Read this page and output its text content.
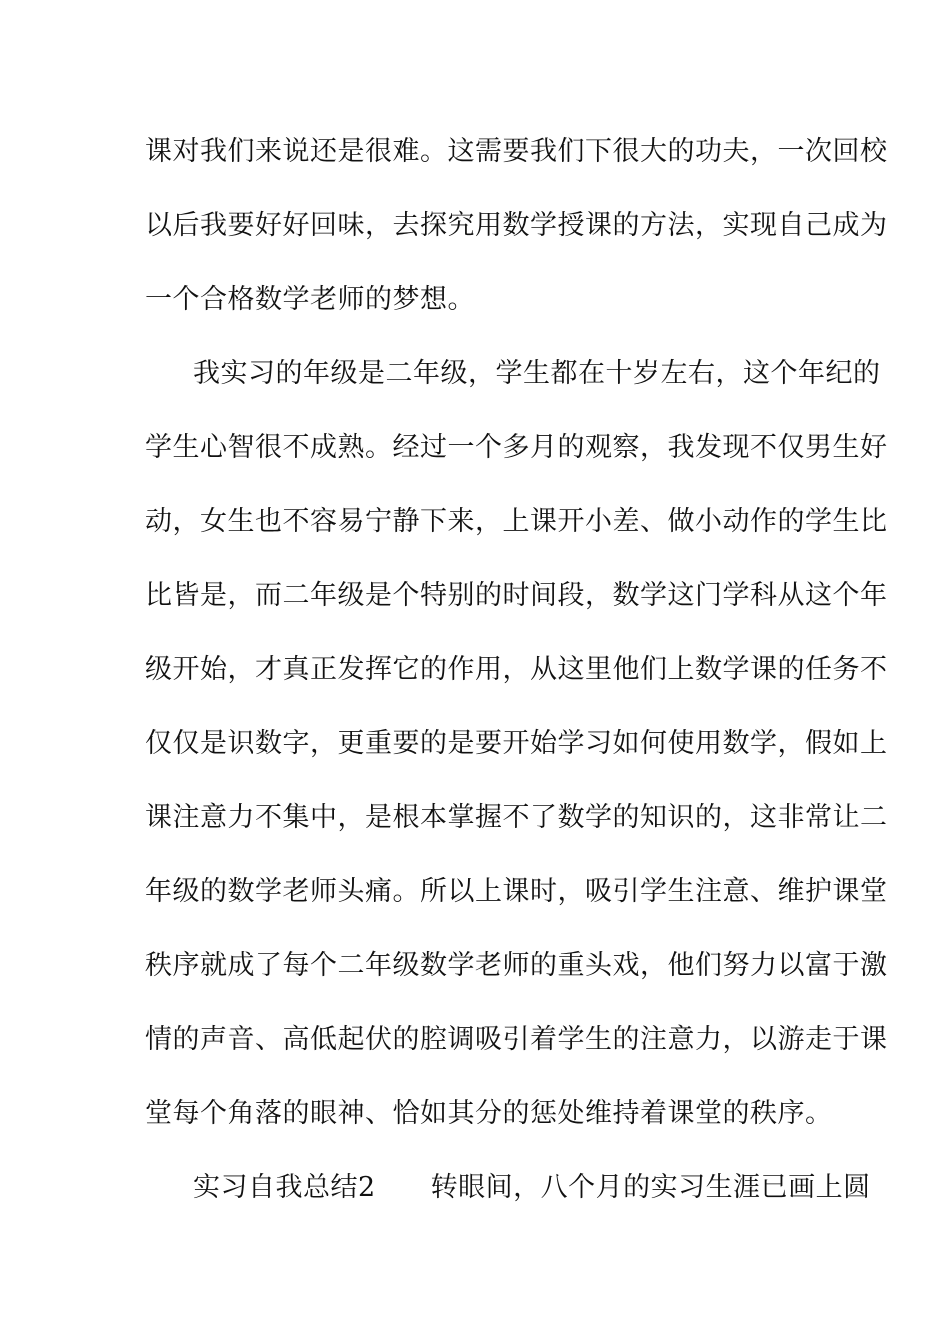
课对我们来说还是很难。这需要我们下很大的功夫，一次回校
以后我要好好回味，去探究用数学授课的方法，实现自己成为
一个合格数学老师的梦想。
我实习的年级是二年级，学生都在十岁左右，这个年纪的
学生心智很不成熟。经过一个多月的观察，我发现不仅男生好
动，女生也不容易宁静下来，上课开小差、做小动作的学生比
比皆是，而二年级是个特别的时间段，数学这门学科从这个年
级开始，才真正发挥它的作用，从这里他们上数学课的任务不
仅仅是识数字，更重要的是要开始学习如何使用数学，假如上
课注意力不集中，是根本掌握不了数学的知识的，这非常让二
年级的数学老师头痛。所以上课时，吸引学生注意、维护课堂
秩序就成了每个二年级数学老师的重头戏，他们努力以富于激
情的声音、高低起伏的腔调吸引着学生的注意力，以游走于课
堂每个角落的眼神、恰如其分的惩处维持着课堂的秩序。
实习自我总结2　　转眼间，八个月的实习生涯已画上圆
